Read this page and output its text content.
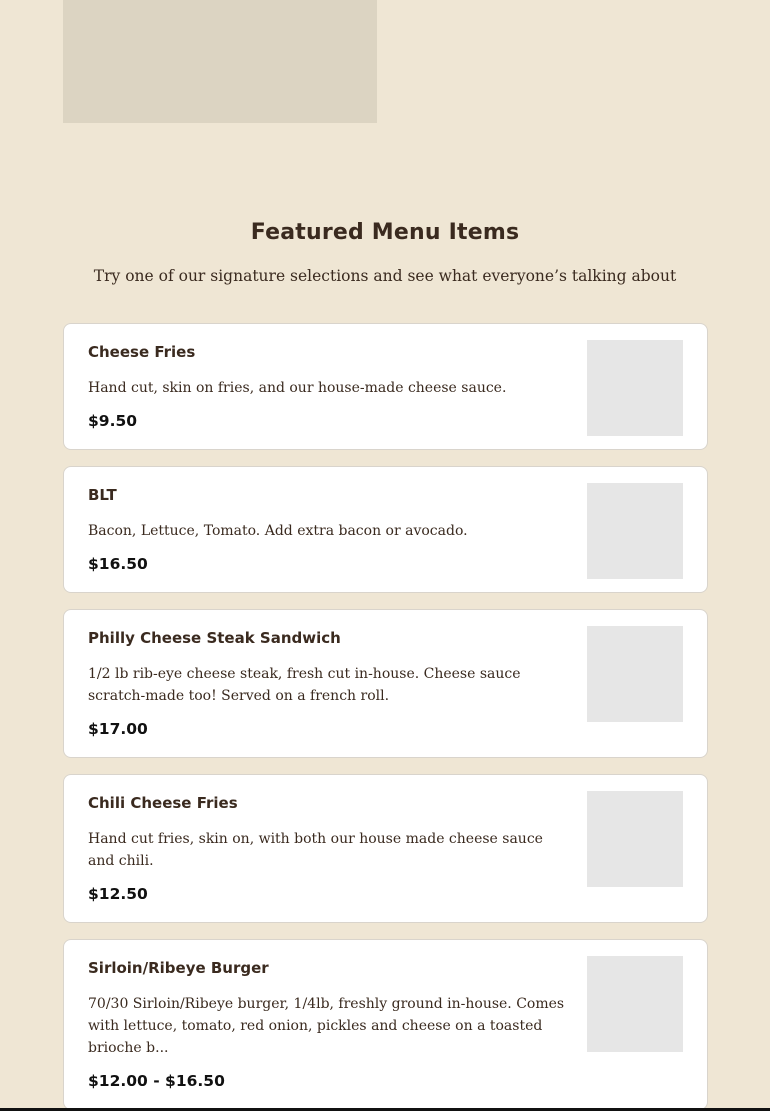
Featured Menu Items

Try one of our signature selections and see what everyone’s talking about

Cheese Fries
Hand cut, skin on fries, and our house-made cheese sauce.
$9.50
BLT
Bacon, Lettuce, Tomato. Add extra bacon or avocado.
$16.50
Philly Cheese Steak Sandwich
1/2 lb rib-eye cheese steak, fresh cut in-house. Cheese sauce scratch-made too! Served on a french roll.
$17.00
Chili Cheese Fries
Hand cut fries, skin on, with both our house made cheese sauce and chili.
$12.50
Sirloin/Ribeye Burger
70/30 Sirloin/Ribeye burger, 1/4lb, freshly ground in-house. Comes with lettuce, tomato, red onion, pickles and cheese on a toasted brioche b...
$12.00 - $16.50
